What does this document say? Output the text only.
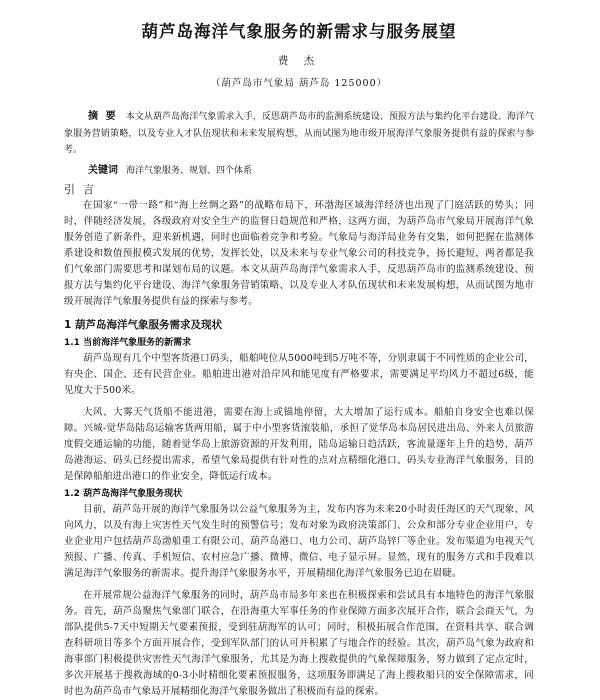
葫芦岛海洋气象服务的新需求与服务展望
费 杰
（葫芦岛市气象局 葫芦岛 125000）
摘 要 本文从葫芦岛海洋气象需求入手，反思葫芦岛市的监测系统建设、预报方法与集约化平台建设、海洋气象服务营销策略，以及专业人才队伍现状和未来发展构想，从而试图为地市级开展海洋气象服务提供有益的探索与参考。
关键词 海洋气象服务、规划、四个体系
引言

在国家“一带一路”和“海上丝绸之路”的战略布局下，环渤海区域海洋经济也出现了门庭活跃的势头；同时，伴随经济发展，各级政府对安全生产的监督日趋规范和严格，这两方面，为葫芦岛市气象局开展海洋气象服务创造了新条件，迎来新机遇，同时也面临着竞争和考验。气象局与海洋局业务有交集，如何把握在监测体系建设和数值预报模式发展的优势，发挥长处，以及未来与专业气象公司的科技竞争，扬长避短，两者都是我们气象部门需要思考和谋划布局的议题。本文从葫芦岛海洋气象需求入手，反思葫芦岛市的监测系统建设、预报方法与集约化平台建设、海洋气象服务营销策略、以及专业人才队伍现状和未来发展构想，从而试图为地市级开展海洋气象服务提供有益的探索与参考。

1 葫芦岛海洋气象服务需求及现状
1.1 当前海洋气象服务的新需求

葫芦岛现有几个中型客货港口码头，船舶吨位从5000吨到5万吨不等，分别隶属于不同性质的企业公司，有央企、国企、还有民营企业。船舶进出港对沿岸风和能见度有严格要求，需要满足平均风力不超过6级，能见度大于500米。

大风、大雾天气货船不能进港，需要在海上或锚地停留，大大增加了运行成本。船舶自身安全也难以保障。兴城-觉华岛陆岛运输客货两用船，属于中小型客货滚装船，承担了觉华岛本岛居民进出岛、外来人员旅游度假交通运输的功能，随着觉华岛上旅游资源的开发利用，陆岛运输日趋活跃，客流量逐年上升的趋势，葫芦岛港海运、码头已经提出需求，希望气象局提供有针对性的点对点精细化港口、码头专业海洋气象服务，目的是保障船舶进出港口的作业安全，降低运行成本。

1.2 葫芦岛海洋气象服务现状

目前，葫芦岛开展的海洋气象服务以公益气象服务为主，发布内容为未来20小时责任海区的天气现象、风向风力，以及有海上灾害性天气发生时的预警信号；发布对象为政府决策部门、公众和部分专业企业用户，专业企业用户包括葫芦岛渤船重工有限公司、葫芦岛港口、电力公司、葫芦岛锌厂等企业。发布渠道为电视天气预报、广播、传真、手机短信、农村应急广播、微博、微信、电子显示屏。显然，现有的服务方式和手段难以满足海洋气象服务的新需求。提升海洋气象服务水平，开展精细化海洋气象服务已迫在眉睫。

在开展常规公益海洋气象服务的同时，葫芦岛市局多年来也在积极探索和尝试具有本地特色的海洋气象服务。首先，葫芦岛聚焦气象部门联合，在沿海重大军事任务的作业保障方面多次展开合作，联合会商天气，为部队提供5-7天中短期天气要素预报，受到驻葫海军的认可；同时，积极拓展合作范围，在资料共享、联合调查科研项目等多个方面开展合作，受到军队部门的认可并积累了与地合作的经验。其次，葫芦岛气象为政府和海事部门积极提供灾害性天气海洋气象服务，尤其是为海上搜救提供的气象保障服务，努力做到了定点定时，多次开展基于搜救海域的0-3小时精细化要素预报服务，这项服务即满足了海上搜救船只的安全保障需求，同时也为葫芦岛市气象局开展精细化海洋气象服务做出了积极而有益的探索。
